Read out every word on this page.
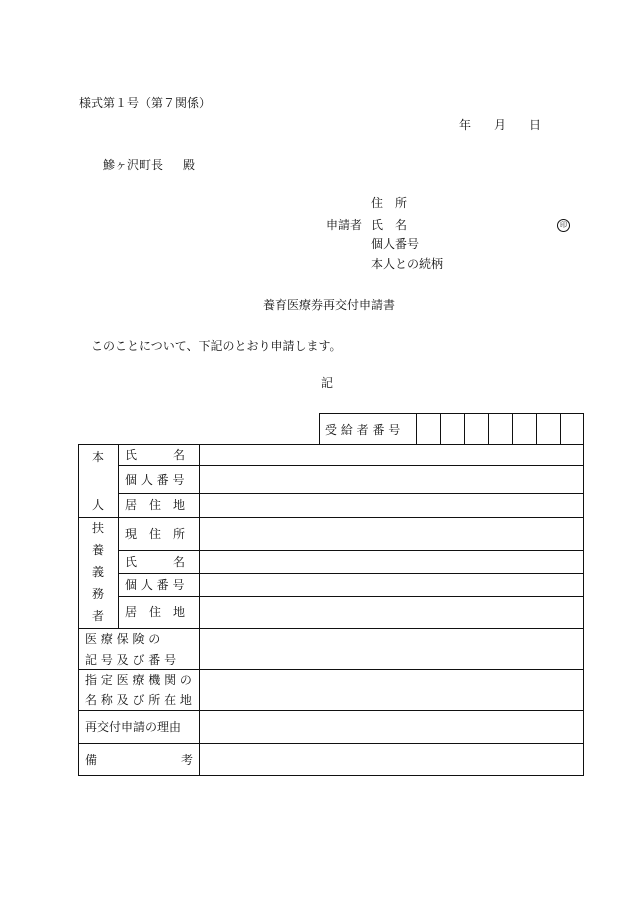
様式第１号（第７関係）
年 月 日
鰺ヶ沢町長 殿
住　所
申請者 氏　名	印
個人番号
本人との続柄
養育医療券再交付申請書
このことについて、下記のとおり申請します。
記
受 給 者 番 号
本
人
氏　　　名
個 人 番 号
居　住　地
扶
養
義
務
者
現　住　所
氏　　　名
個 人 番 号
居　住　地
医 療 保 険 の
記 号 及 び 番 号
指 定 医 療 機 関 の
名 称 及 び 所 在 地
再交付申請の理由
備	考
